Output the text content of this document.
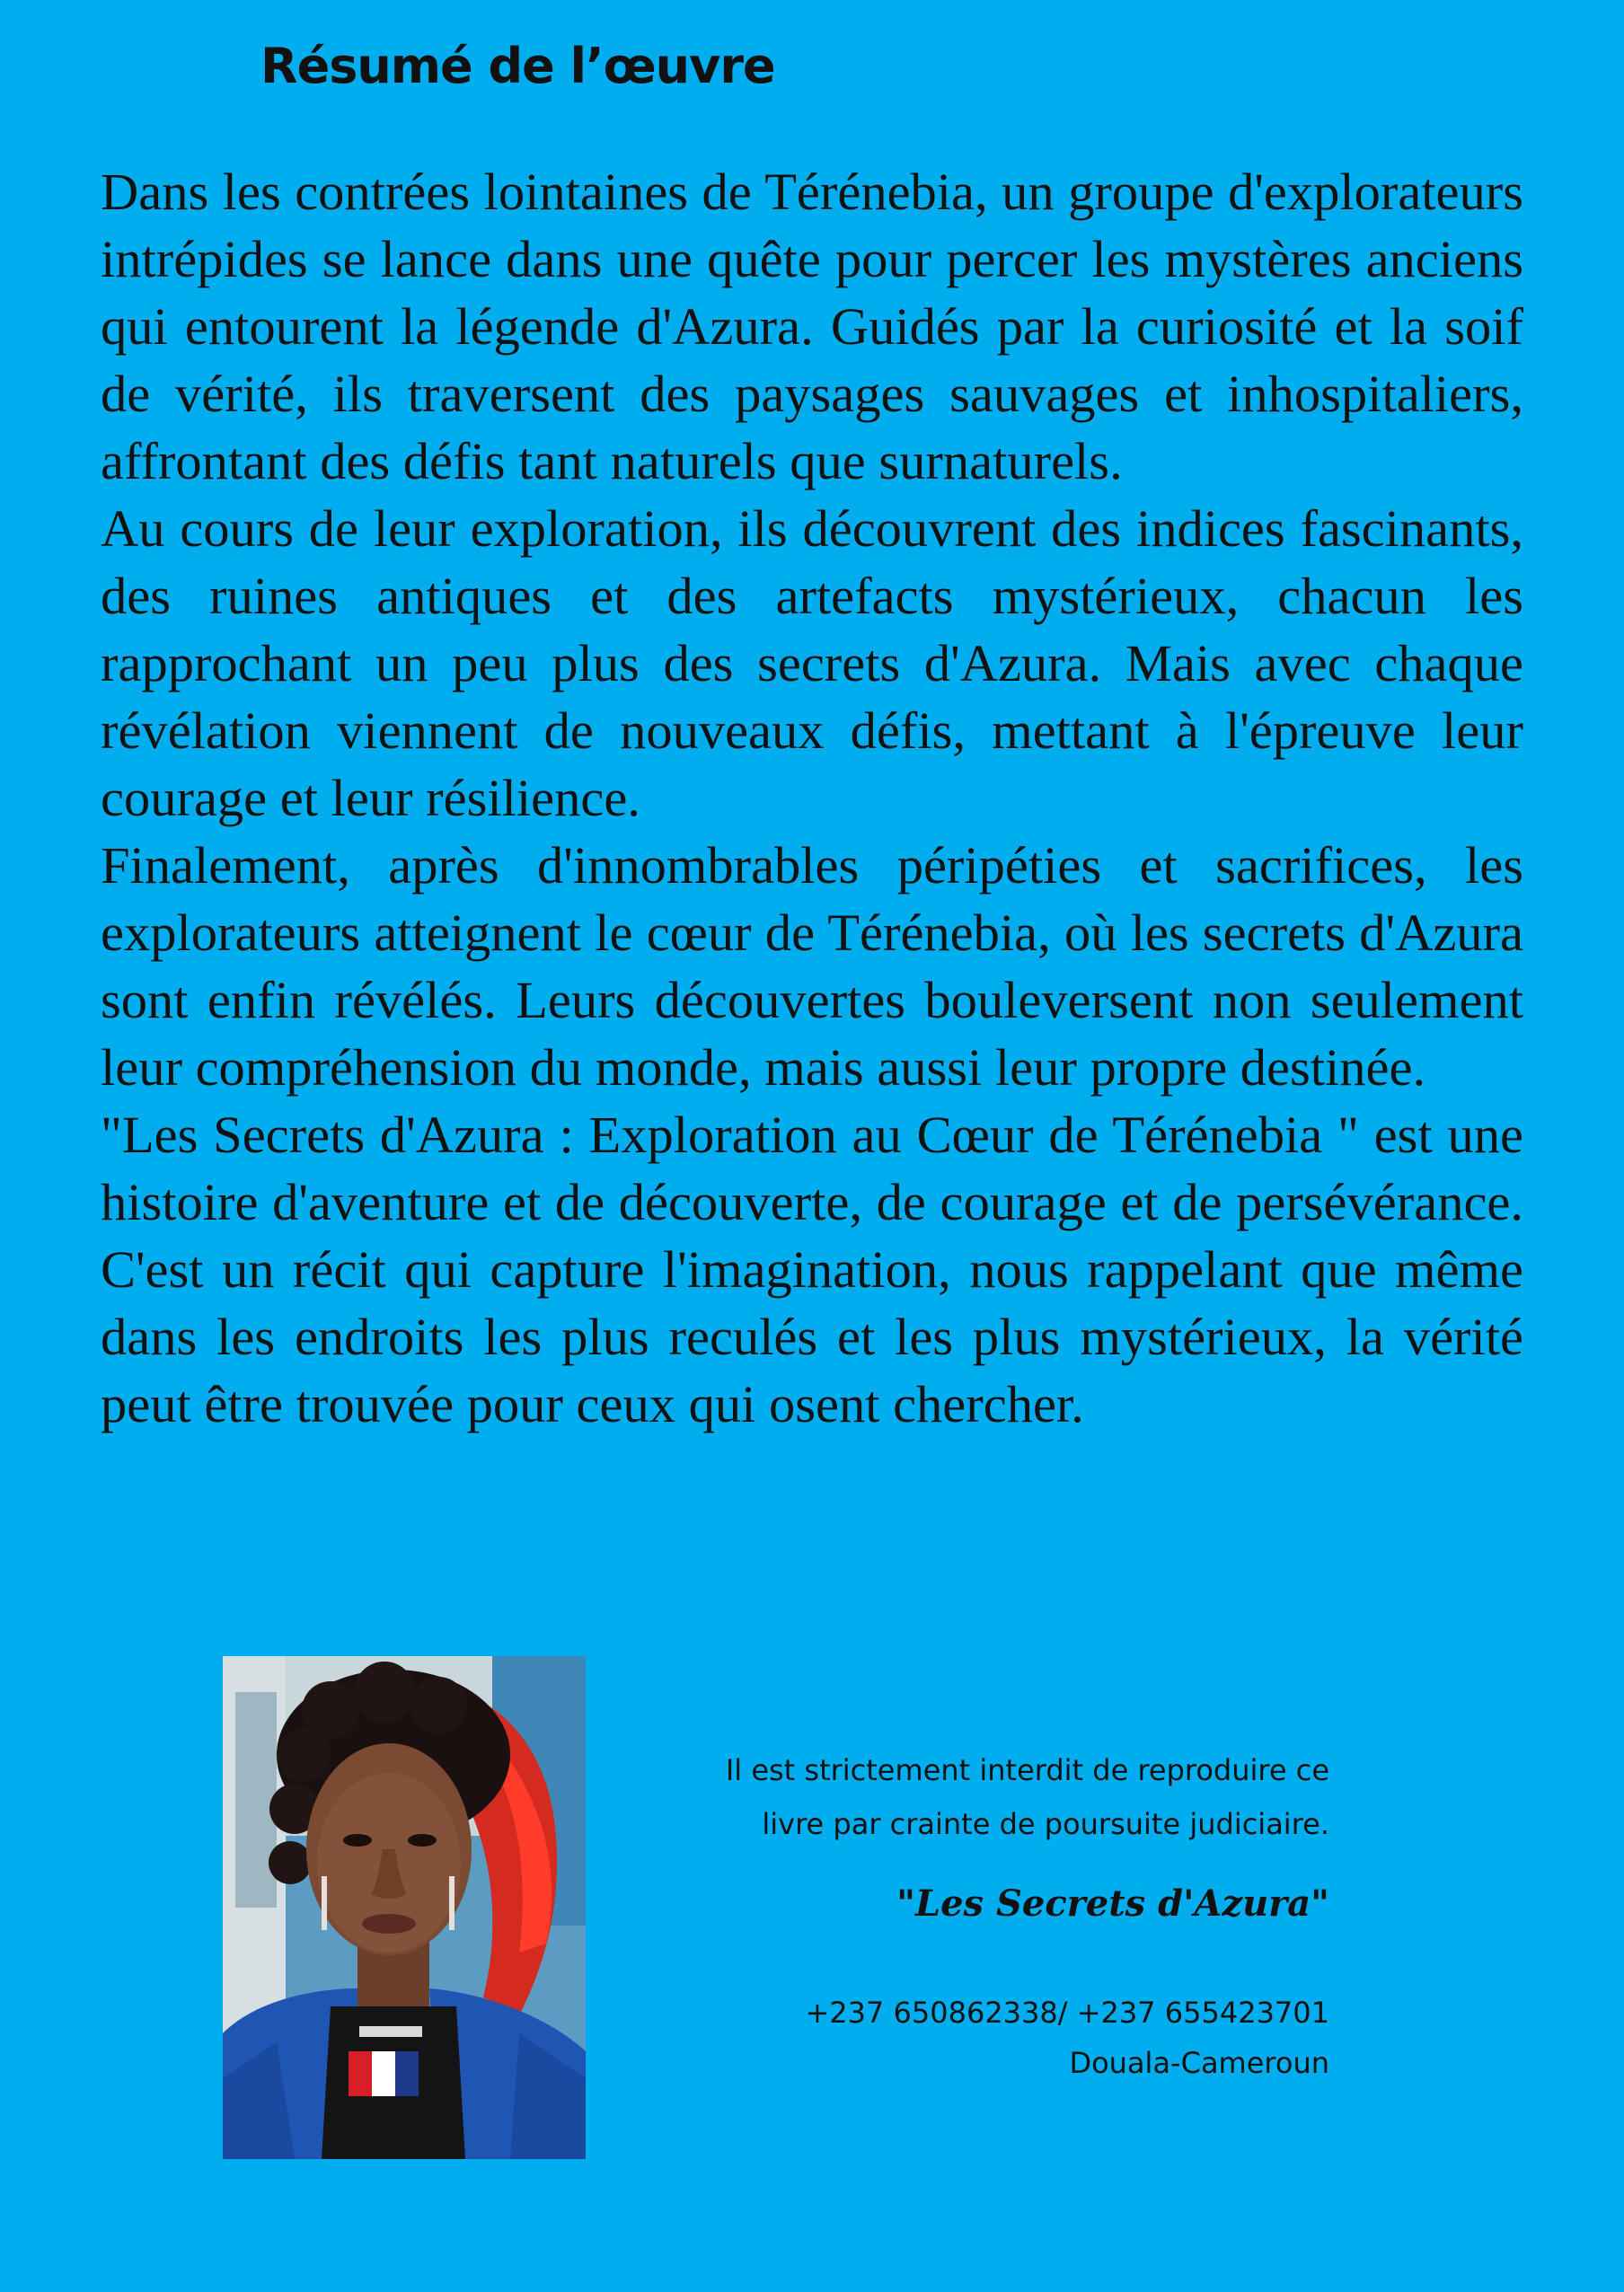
Résumé de l’œuvre

Dans les contrées lointaines de Térénebia, un groupe d'explorateurs intrépides se lance dans une quête pour percer les mystères anciens qui entourent la légende d'Azura. Guidés par la curiosité et la soif de vérité, ils traversent des paysages sauvages et inhospitaliers, affrontant des défis tant naturels que surnaturels.

Au cours de leur exploration, ils découvrent des indices fascinants, des ruines antiques et des artefacts mystérieux, chacun les rapprochant un peu plus des secrets d'Azura. Mais avec chaque révélation viennent de nouveaux défis, mettant à l'épreuve leur courage et leur résilience.

Finalement, après d'innombrables péripéties et sacrifices, les explorateurs atteignent le cœur de Térénebia, où les secrets d'Azura sont enfin révélés. Leurs découvertes bouleversent non seulement leur compréhension du monde, mais aussi leur propre destinée.

"Les Secrets d'Azura : Exploration au Cœur de Térénebia " est une histoire d'aventure et de découverte, de courage et de persévérance. C'est un récit qui capture l'imagination, nous rappelant que même dans les endroits les plus reculés et les plus mystérieux, la vérité peut être trouvée pour ceux qui osent chercher.

Il est strictement interdit de reproduire ce

livre par crainte de poursuite judiciaire.

"Les Secrets d'Azura"

+237 650862338/ +237 655423701

Douala-Cameroun
